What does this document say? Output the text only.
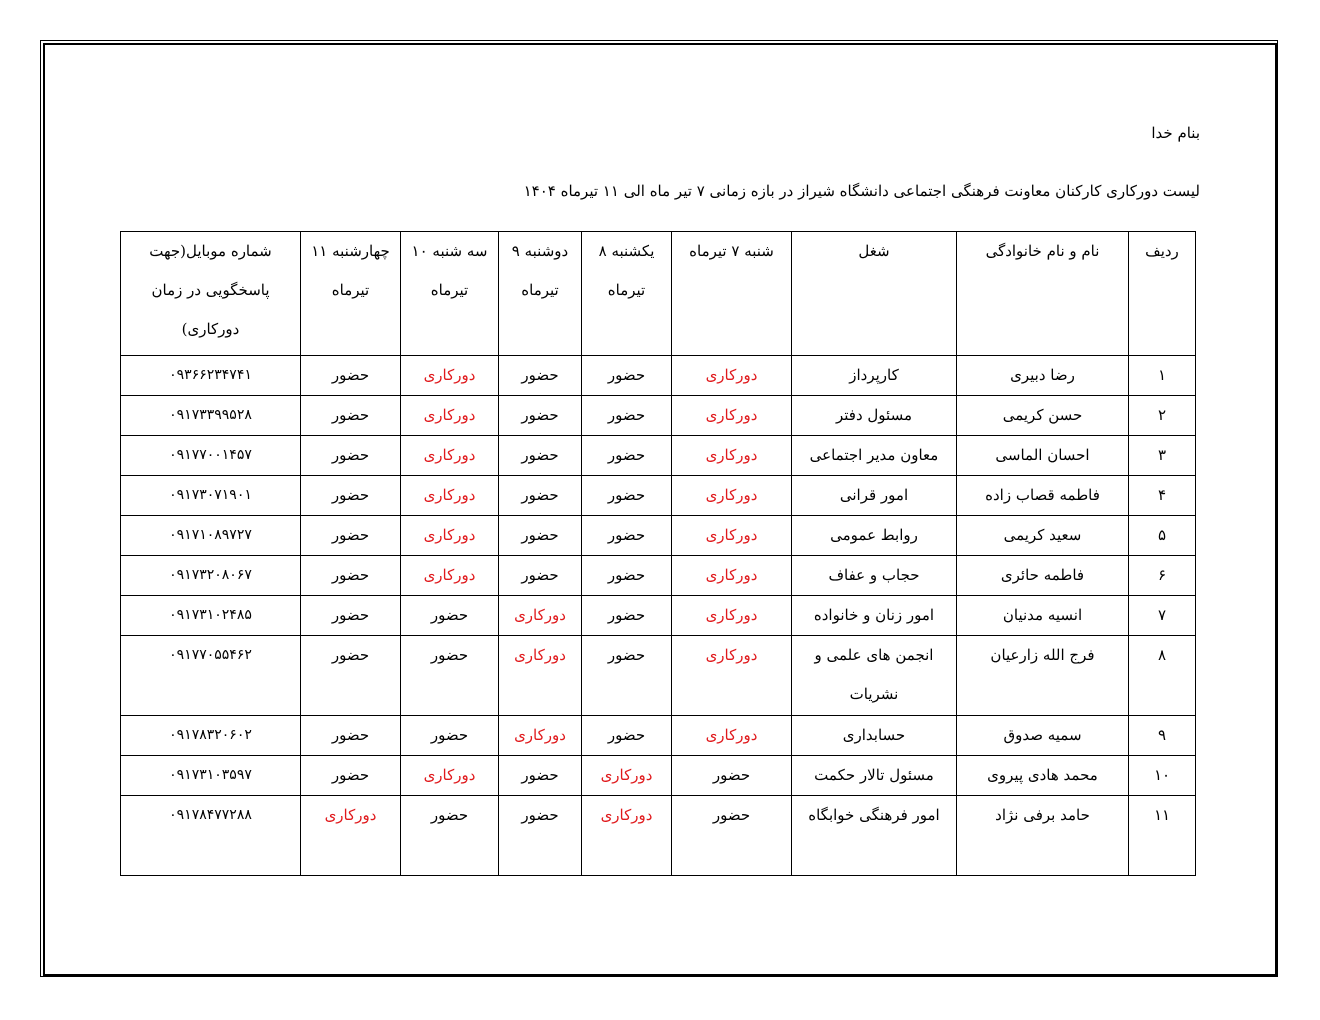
بنام خدا
لیست دورکاری کارکنان معاونت فرهنگی اجتماعی دانشگاه شیراز در بازه زمانی ۷ تیر ماه الی ۱۱ تیرماه ۱۴۰۴
ردیف	نام و نام خانوادگی	شغل	شنبه ۷ تیرماه	یکشنبه ۸ تیرماه	دوشنبه ۹ تیرماه	سه شنبه ۱۰ تیرماه	چهارشنبه ۱۱ تیرماه	شماره موبایل(جهت پاسخگویی در زمان دورکاری)
۱	رضا دبیری	کارپرداز	دورکاری	حضور	حضور	دورکاری	حضور	۰۹۳۶۶۲۳۴۷۴۱
۲	حسن کریمی	مسئول دفتر	دورکاری	حضور	حضور	دورکاری	حضور	۰۹۱۷۳۳۹۹۵۲۸
۳	احسان الماسی	معاون مدیر اجتماعی	دورکاری	حضور	حضور	دورکاری	حضور	۰۹۱۷۷۰۰۱۴۵۷
۴	فاطمه قصاب زاده	امور قرانی	دورکاری	حضور	حضور	دورکاری	حضور	۰۹۱۷۳۰۷۱۹۰۱
۵	سعید کریمی	روابط عمومی	دورکاری	حضور	حضور	دورکاری	حضور	۰۹۱۷۱۰۸۹۷۲۷
۶	فاطمه حائری	حجاب و عفاف	دورکاری	حضور	حضور	دورکاری	حضور	۰۹۱۷۳۲۰۸۰۶۷
۷	انسیه مدنیان	امور زنان و خانواده	دورکاری	حضور	دورکاری	حضور	حضور	۰۹۱۷۳۱۰۲۴۸۵
۸	فرج الله زارعیان	انجمن های علمی و نشریات	دورکاری	حضور	دورکاری	حضور	حضور	۰۹۱۷۷۰۵۵۴۶۲
۹	سمیه صدوق	حسابداری	دورکاری	حضور	دورکاری	حضور	حضور	۰۹۱۷۸۳۲۰۶۰۲
۱۰	محمد هادی پیروی	مسئول تالار حکمت	حضور	دورکاری	حضور	دورکاری	حضور	۰۹۱۷۳۱۰۳۵۹۷
۱۱	حامد برفی نژاد	امور فرهنگی خوابگاه	حضور	دورکاری	حضور	حضور	دورکاری	۰۹۱۷۸۴۷۷۲۸۸
